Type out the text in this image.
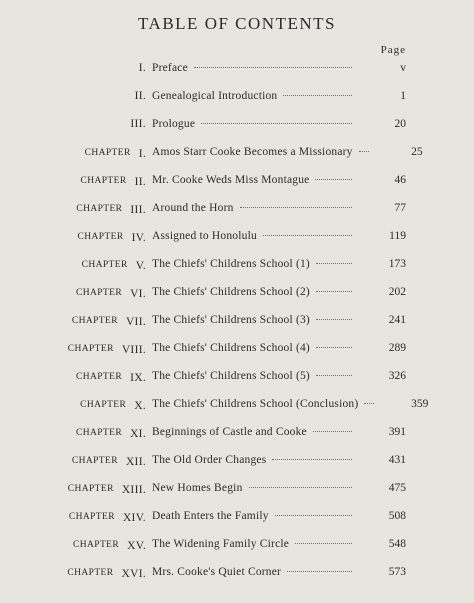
TABLE OF CONTENTS
Page
I. Preface	v
II. Genealogical Introduction	1
III. Prologue	20
CHAPTER I. Amos Starr Cooke Becomes a Missionary	25
CHAPTER II. Mr. Cooke Weds Miss Montague	46
CHAPTER III. Around the Horn	77
CHAPTER IV. Assigned to Honolulu	119
CHAPTER V. The Chiefs' Childrens School (1)	173
CHAPTER VI. The Chiefs' Childrens School (2)	202
CHAPTER VII. The Chiefs' Childrens School (3)	241
CHAPTER VIII. The Chiefs' Childrens School (4)	289
CHAPTER IX. The Chiefs' Childrens School (5)	326
CHAPTER X. The Chiefs' Childrens School (Conclusion)	359
CHAPTER XI. Beginnings of Castle and Cooke	391
CHAPTER XII. The Old Order Changes	431
CHAPTER XIII. New Homes Begin	475
CHAPTER XIV. Death Enters the Family	508
CHAPTER XV. The Widening Family Circle	548
CHAPTER XVI. Mrs. Cooke's Quiet Corner	573
